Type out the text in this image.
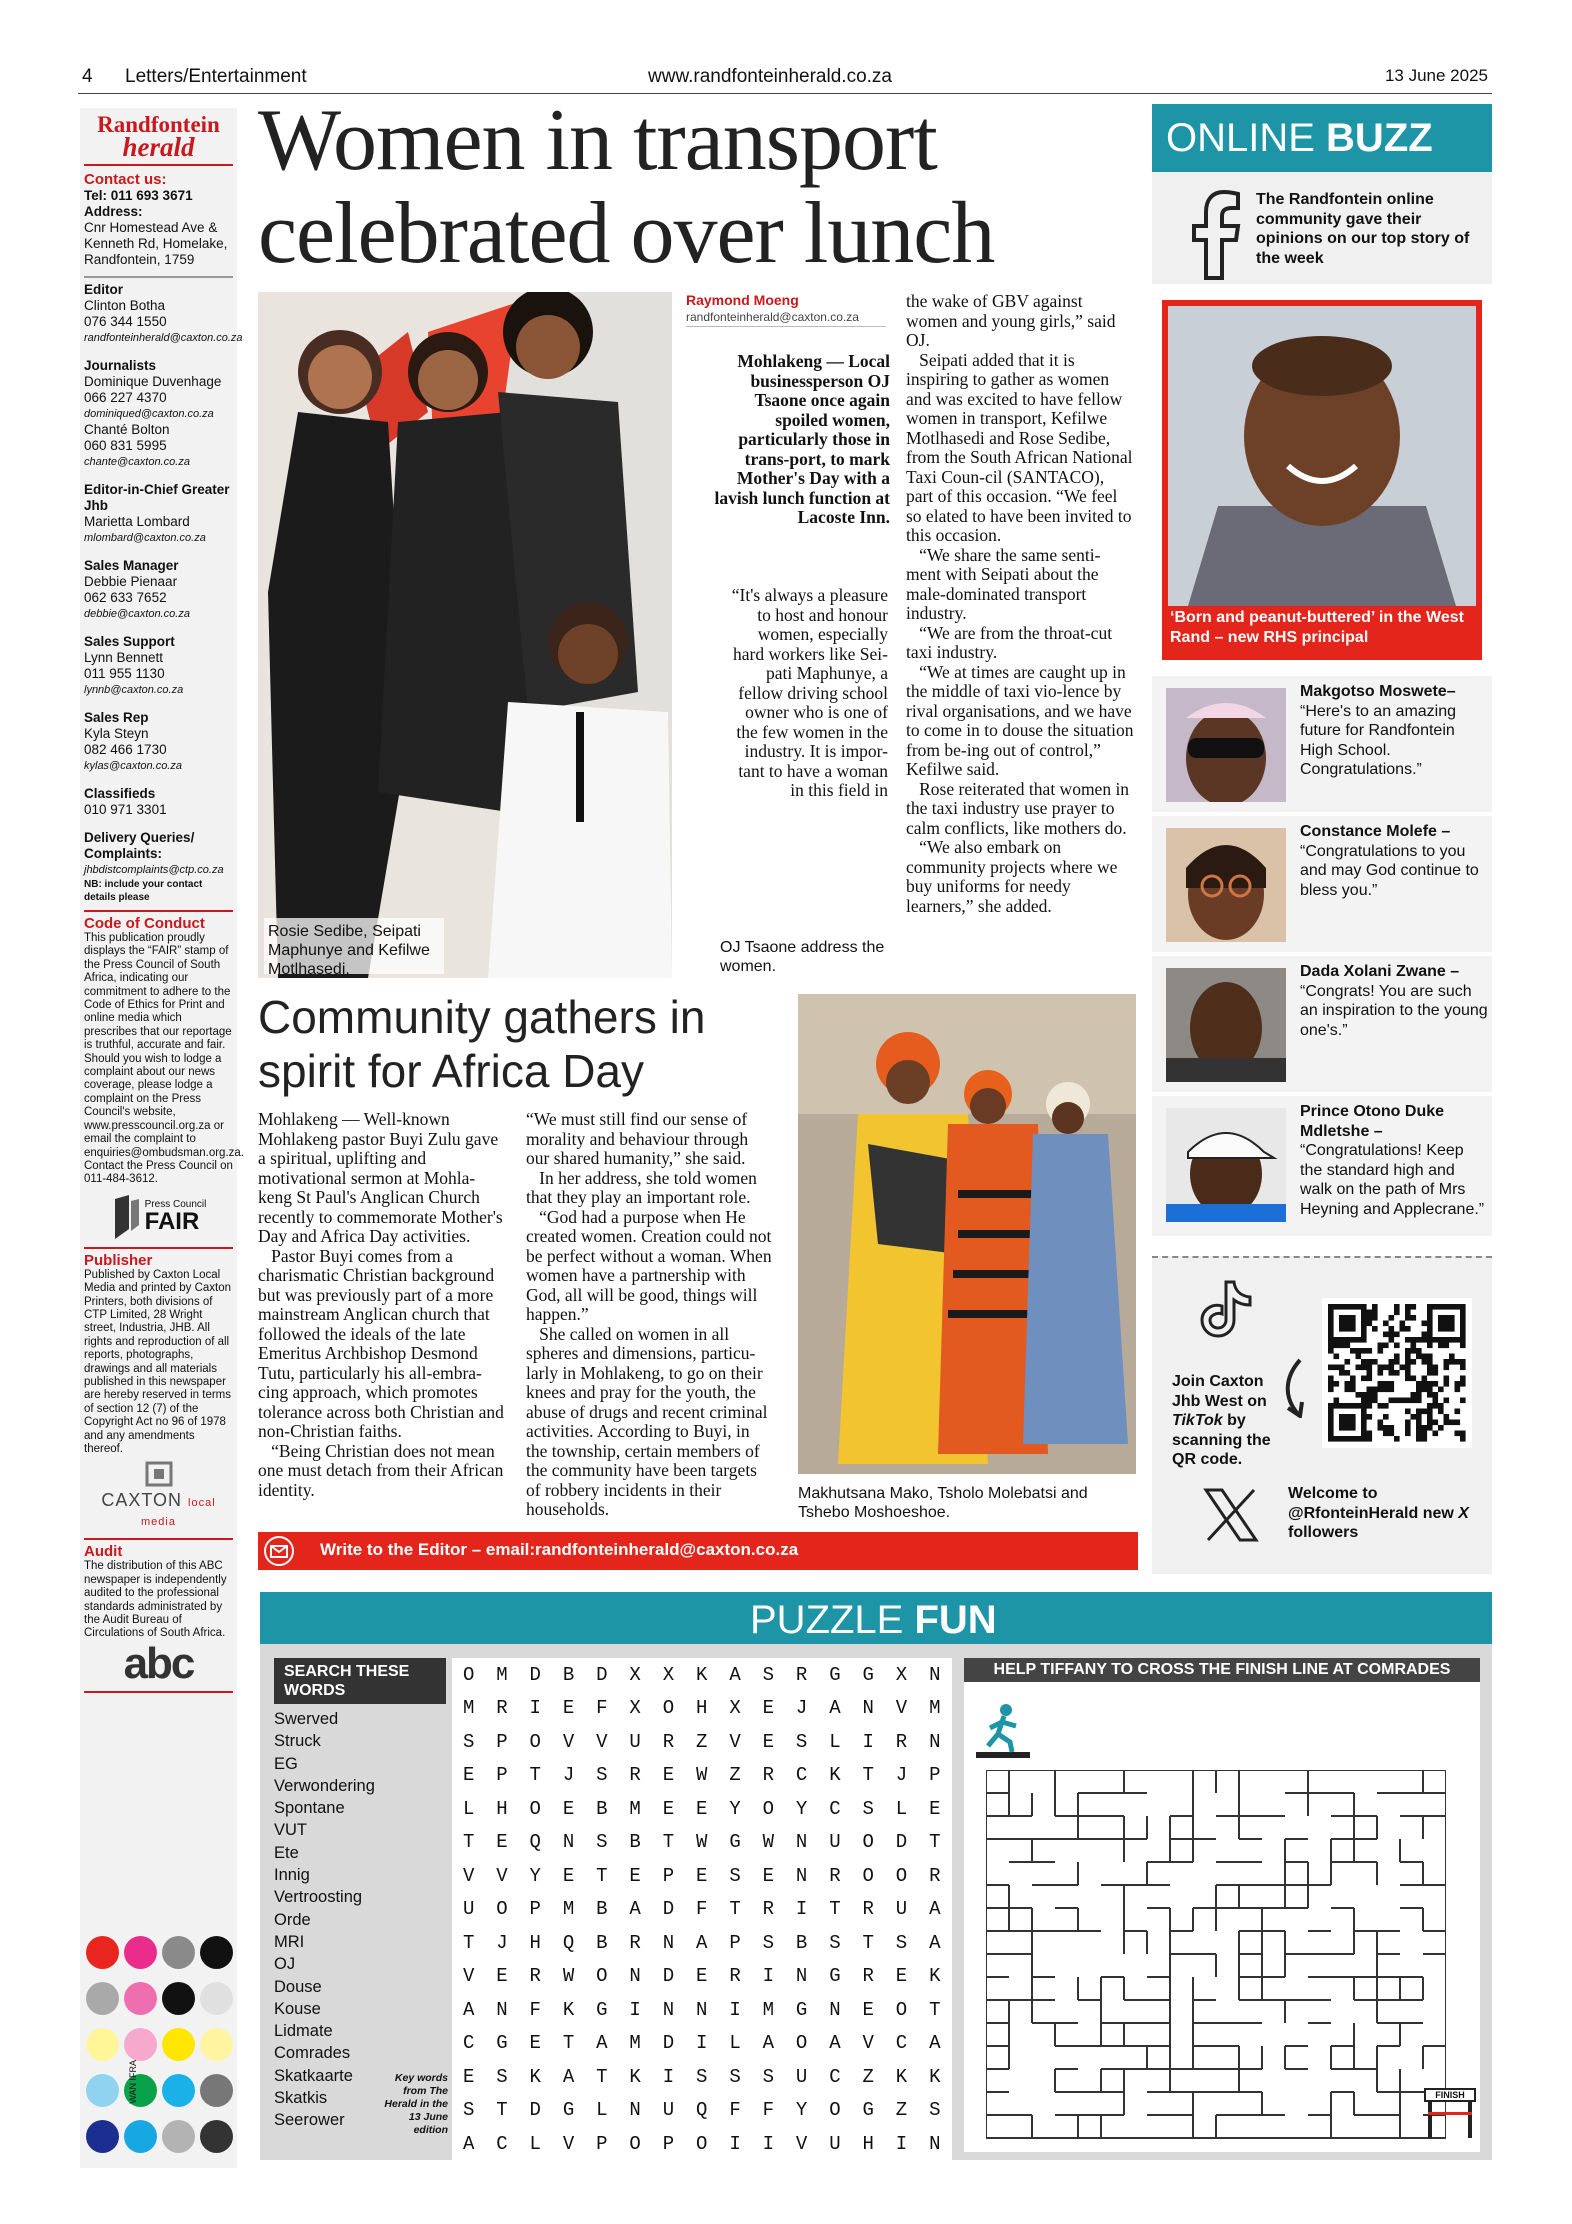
4 Letters/Entertainment	www.randfonteinherald.co.za	13 June 2025
Randfontein
herald
Contact us:
Tel: 011 693 3671
Address:
Cnr Homestead Ave & Kenneth Rd, Homelake, Randfontein, 1759
Editor
Clinton Botha
076 344 1550
randfonteinherald@caxton.co.za
Journalists
Dominique Duvenhage
066 227 4370
dominiqued@caxton.co.za
Chanté Bolton
060 831 5995
chante@caxton.co.za
Editor-in-Chief Greater Jhb
Marietta Lombard
mlombard@caxton.co.za
Sales Manager
Debbie Pienaar
062 633 7652
debbie@caxton.co.za
Sales Support
Lynn Bennett
011 955 1130
lynnb@caxton.co.za
Sales Rep
Kyla Steyn
082 466 1730
kylas@caxton.co.za
Classifieds
010 971 3301
Delivery Queries/ Complaints:
jhbdistcomplaints@ctp.co.za
NB: include your contact details please
Code of Conduct
This publication proudly displays the “FAIR” stamp of the Press Council of South Africa, indicating our commitment to adhere to the Code of Ethics for Print and online media which prescribes that our reportage is truthful, accurate and fair. Should you wish to lodge a complaint about our news coverage, please lodge a complaint on the Press Council's website, www.presscouncil.org.za or email the complaint to enquiries@ombudsman.org.za. Contact the Press Council on 011-484-3612.
Press Council
FAIR
Publisher
Published by Caxton Local Media and printed by Caxton Printers, both divisions of CTP Limited, 28 Wright street, Industria, JHB. All rights and reproduction of all reports, photographs, drawings and all materials published in this newspaper are hereby reserved in terms of section 12 (7) of the Copyright Act no 96 of 1978 and any amendments thereof.
CAXTON local media
Audit
The distribution of this ABC newspaper is independently audited to the professional standards administrated by the Audit Bureau of Circulations of South Africa.
abc
WAN IFRA
Women in transport celebrated over lunch
Rosie Sedibe, Seipati Maphunye and Kefilwe Motlhasedi.
Raymond Moeng
randfonteinherald@caxton.co.za
Mohlakeng — Local businessperson OJ Tsaone once again spoiled women, particularly those in trans-port, to mark Mother's Day with a lavish lunch function at Lacoste Inn.
“It's always a pleasure to host and honour women, especially hard workers like Sei-pati Maphunye, a fellow driving school owner who is one of the few women in the industry. It is impor-tant to have a woman in this field in
OJ Tsaone address the women.
the wake of GBV against women and young girls,” said OJ.
Seipati added that it is inspiring to gather as women and was excited to have fellow women in transport, Kefilwe Motlhasedi and Rose Sedibe, from the South African National Taxi Coun-cil (SANTACO), part of this occasion. “We feel so elated to have been invited to this occasion.
“We share the same senti-ment with Seipati about the male-dominated transport industry.
“We are from the throat-cut taxi industry.
“We at times are caught up in the middle of taxi vio-lence by rival organisations, and we have to come in to douse the situation from be-ing out of control,” Kefilwe said.
Rose reiterated that women in the taxi industry use prayer to calm conflicts, like mothers do.
“We also embark on community projects where we buy uniforms for needy learners,” she added.
Community gathers in spirit for Africa Day
Mohlakeng — Well-known Mohlakeng pastor Buyi Zulu gave a spiritual, uplifting and motivational sermon at Mohla-keng St Paul's Anglican Church recently to commemorate Mother's Day and Africa Day activities.
Pastor Buyi comes from a charismatic Christian background but was previously part of a more mainstream Anglican church that followed the ideals of the late Emeritus Archbishop Desmond Tutu, particularly his all-embra-cing approach, which promotes tolerance across both Christian and non-Christian faiths.
“Being Christian does not mean one must detach from their African identity.
“We must still find our sense of morality and behaviour through our shared humanity,” she said.
In her address, she told women that they play an important role.
“God had a purpose when He created women. Creation could not be perfect without a woman. When women have a partnership with God, all will be good, things will happen.”
She called on women in all spheres and dimensions, particu-larly in Mohlakeng, to go on their knees and pray for the youth, the abuse of drugs and recent criminal activities. According to Buyi, in the township, certain members of the community have been targets of robbery incidents in their households.
Makhutsana Mako, Tsholo Molebatsi and Tshebo Moshoeshoe.
Write to the Editor – email:randfonteinherald@caxton.co.za
ONLINE BUZZ
The Randfontein online community gave their opinions on our top story of the week
‘Born and peanut-buttered’ in the West Rand – new RHS principal
Makgotso Moswete–
“Here's to an amazing future for Randfontein High School. Congratulations.”
Constance Molefe –
“Congratulations to you and may God continue to bless you.”
Dada Xolani Zwane –
“Congrats! You are such an inspiration to the young one's.”
Prince Otono Duke Mdletshe –
“Congratulations! Keep the standard high and walk on the path of Mrs Heyning and Applecrane.”
Join Caxton Jhb West on TikTok by scanning the QR code.
Welcome to @RfonteinHerald new X followers
PUZZLE FUN
SEARCH THESE WORDS
Swerved
Struck
EG
Verwondering
Spontane
VUT
Ete
Innig
Vertroosting
Orde
MRI
OJ
Douse
Kouse
Lidmate
Comrades
Skatkaarte
Skatkis
Seerower
Key words from The Herald in the 13 June edition
O	M	D	B	D	X	X	K	A	S	R	G	G	X	N
M	R	I	E	F	X	O	H	X	E	J	A	N	V	M
S	P	O	V	V	U	R	Z	V	E	S	L	I	R	N
E	P	T	J	S	R	E	W	Z	R	C	K	T	J	P
L	H	O	E	B	M	E	E	Y	O	Y	C	S	L	E
T	E	Q	N	S	B	T	W	G	W	N	U	O	D	T
V	V	Y	E	T	E	P	E	S	E	N	R	O	O	R
U	O	P	M	B	A	D	F	T	R	I	T	R	U	A
T	J	H	Q	B	R	N	A	P	S	B	S	T	S	A
V	E	R	W	O	N	D	E	R	I	N	G	R	E	K
A	N	F	K	G	I	N	N	I	M	G	N	E	O	T
C	G	E	T	A	M	D	I	L	A	O	A	V	C	A
E	S	K	A	T	K	I	S	S	S	U	C	Z	K	K
S	T	D	G	L	N	U	Q	F	F	Y	O	G	Z	S
A	C	L	V	P	O	P	O	I	I	V	U	H	I	N
HELP TIFFANY TO CROSS THE FINISH LINE AT COMRADES
FINISH
